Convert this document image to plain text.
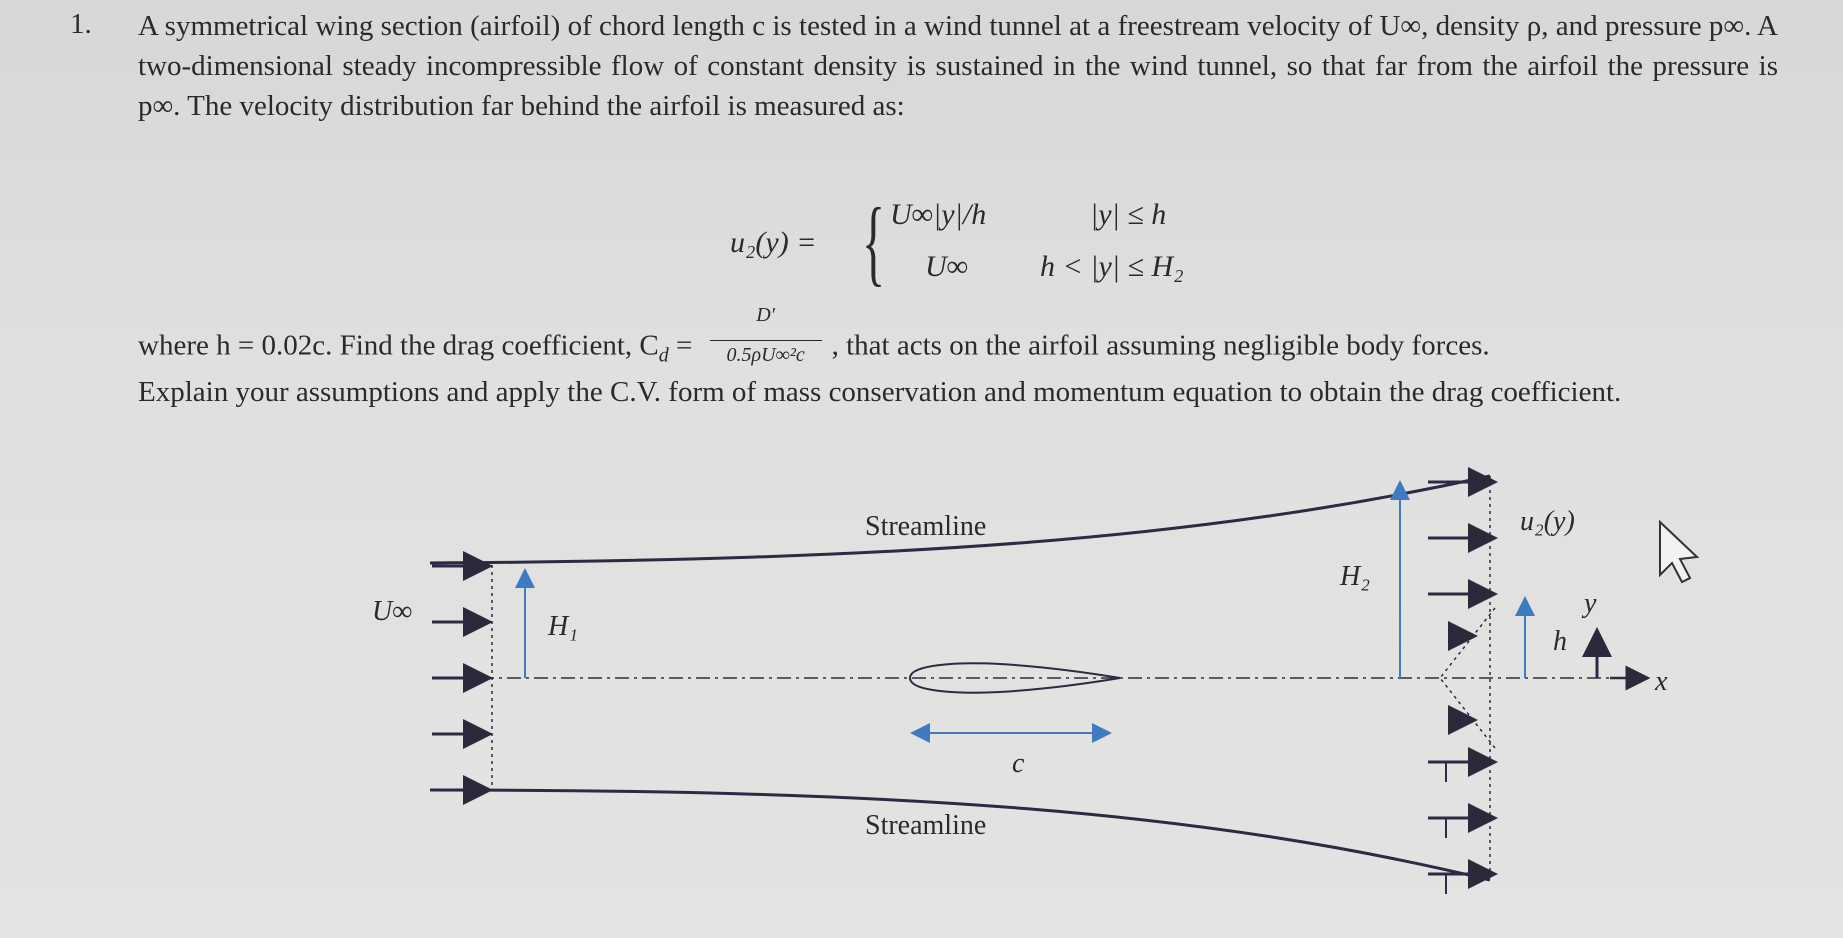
1. A symmetrical wing section (airfoil) of chord length c is tested in a wind tunnel at a freestream velocity of U∞, density ρ, and pressure p∞. A two-dimensional steady incompressible flow of constant density is sustained in the wind tunnel, so that far from the airfoil the pressure is p∞. The velocity distribution far behind the airfoil is measured as:

u₂(y) = { U∞|y|/h	|y| ≤ h
U∞ h < |y| ≤ H₂
where h = 0.02c. Find the drag coefficient, $C_d = \frac{D'}{\text{0.5ρU∞²c}}$ , that acts on the airfoil assuming negligible body forces.

Explain your assumptions and apply the C.V. form of mass conservation and momentum equation to obtain the drag coefficient.

Streamline
Streamline
U∞	H₁
H₂
u₂(y)
c
h
y
x
